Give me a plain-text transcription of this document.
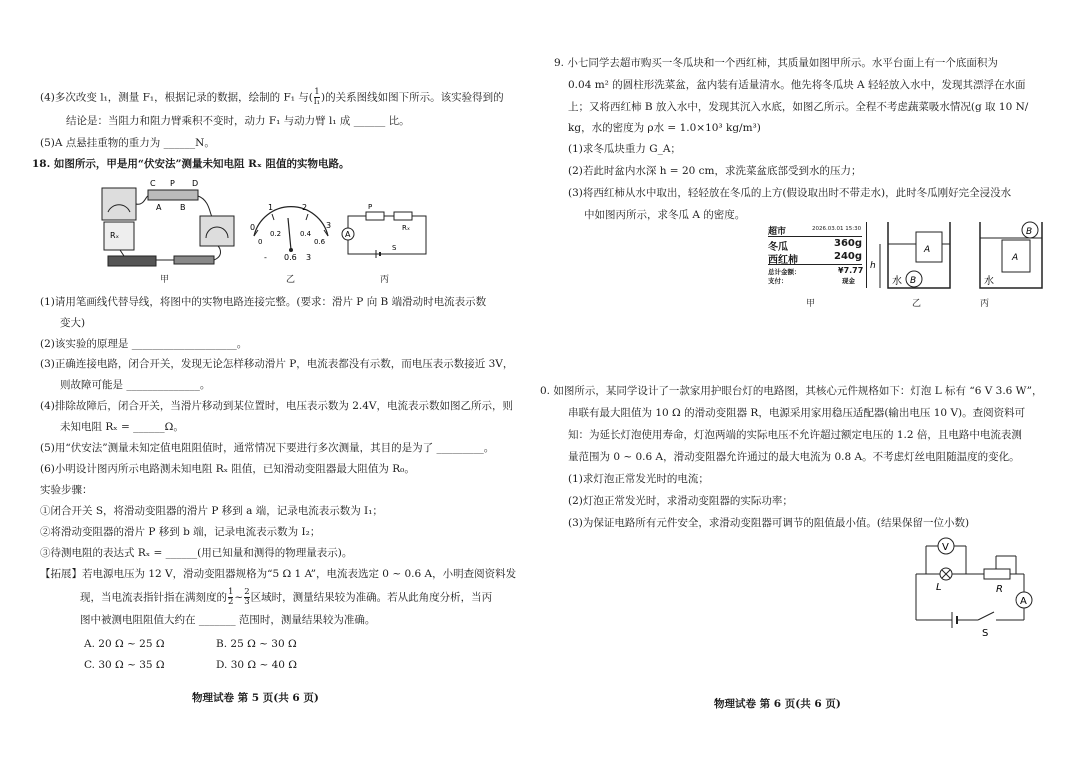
(4)多次改变 l₁，测量 F₁，根据记录的数据，绘制的 F₁ 与( $\frac{1}{\text{l₁}}$ )的关系图线如图下所示。该实验得到的
结论是：当阻力和阻力臂乘积不变时，动力 F₁ 与动力臂 l₁ 成 ______ 比。
(5)A 点悬挂重物的重力为 ______N。
18. 如图所示，甲是用“伏安法”测量未知电阻 Rₓ 阻值的实物电路。
Rₓ
C P D
A B	1	2
3
0
0
0.2	0.4
0.6
- 0.6 3
P
Rₓ
A
S
甲	乙	丙
(1)请用笔画线代替导线，将图中的实物电路连接完整。(要求：滑片 P 向 B 端滑动时电流表示数
变大)
(2)该实验的原理是 ____________________。
(3)正确连接电路，闭合开关，发现无论怎样移动滑片 P，电流表都没有示数，而电压表示数接近 3V，
则故障可能是 ______________。
(4)排除故障后，闭合开关，当滑片移动到某位置时，电压表示数为 2.4V，电流表示数如图乙所示，则
未知电阻 Rₓ = ______Ω。
(5)用“伏安法”测量未知定值电阻阻值时，通常情况下要进行多次测量，其目的是为了 _________。
(6)小明设计图丙所示电路测未知电阻 Rₓ 阻值，已知滑动变阻器最大阻值为 R₀。
实验步骤：
①闭合开关 S，将滑动变阻器的滑片 P 移到 a 端，记录电流表示数为 I₁；
②将滑动变阻器的滑片 P 移到 b 端，记录电流表示数为 I₂；
③待测电阻的表达式 Rₓ = ______(用已知量和测得的物理量表示)。
【拓展】若电源电压为 12 V，滑动变阻器规格为“5 Ω 1 A”，电流表选定 0 ~ 0.6 A，小明查阅资料发
现，当电流表指针指在满刻度的 $\frac{1}{2}$ ~ $\frac{2}{3}$ 区域时，测量结果较为准确。若从此角度分析，当丙
图中被测电阻阻值大约在 _______ 范围时，测量结果较为准确。
A. 20 Ω ~ 25 Ω	B. 25 Ω ~ 30 Ω
C. 30 Ω ~ 35 Ω	D. 30 Ω ~ 40 Ω
物理试卷 第 5 页(共 6 页)
9. 小七同学去超市购买一冬瓜块和一个西红柿，其质量如图甲所示。水平台面上有一个底面积为
0.04 m² 的圆柱形洗菜盆，盆内装有适量清水。他先将冬瓜块 A 轻轻放入水中，发现其漂浮在水面
上；又将西红柿 B 放入水中，发现其沉入水底，如图乙所示。全程不考虑蔬菜吸水情况(g 取 10 N/
kg，水的密度为 ρ水 = 1.0×10³ kg/m³)
(1)求冬瓜块重力 G_A；
(2)若此时盆内水深 h = 20 cm，求洗菜盆底部受到水的压力；
(3)将西红柿从水中取出，轻轻放在冬瓜的上方(假设取出时不带走水)，此时冬瓜刚好完全浸没水
中如图丙所示，求冬瓜 A 的密度。
超市	2026.03.01 15:30
冬瓜	360g
西红柿	240g
总计金额：	¥7.77
支付：	现金
h
A
水 B
A
B
水
甲	乙	丙
0. 如图所示，某同学设计了一款家用护眼台灯的电路图，其核心元件规格如下：灯泡 L 标有 “6 V 3.6 W”，
串联有最大阻值为 10 Ω 的滑动变阻器 R，电源采用家用稳压适配器(输出电压 10 V)。查阅资料可
知：为延长灯泡使用寿命，灯泡两端的实际电压不允许超过额定电压的 1.2 倍，且电路中电流表测
量范围为 0 ~ 0.6 A，滑动变阻器允许通过的最大电流为 0.8 A。不考虑灯丝电阻随温度的变化。
(1)求灯泡正常发光时的电流；
(2)灯泡正常发光时，求滑动变阻器的实际功率；
(3)为保证电路所有元件安全，求滑动变阻器可调节的阻值最小值。(结果保留一位小数)
L	R
A
V
S
物理试卷 第 6 页(共 6 页)
